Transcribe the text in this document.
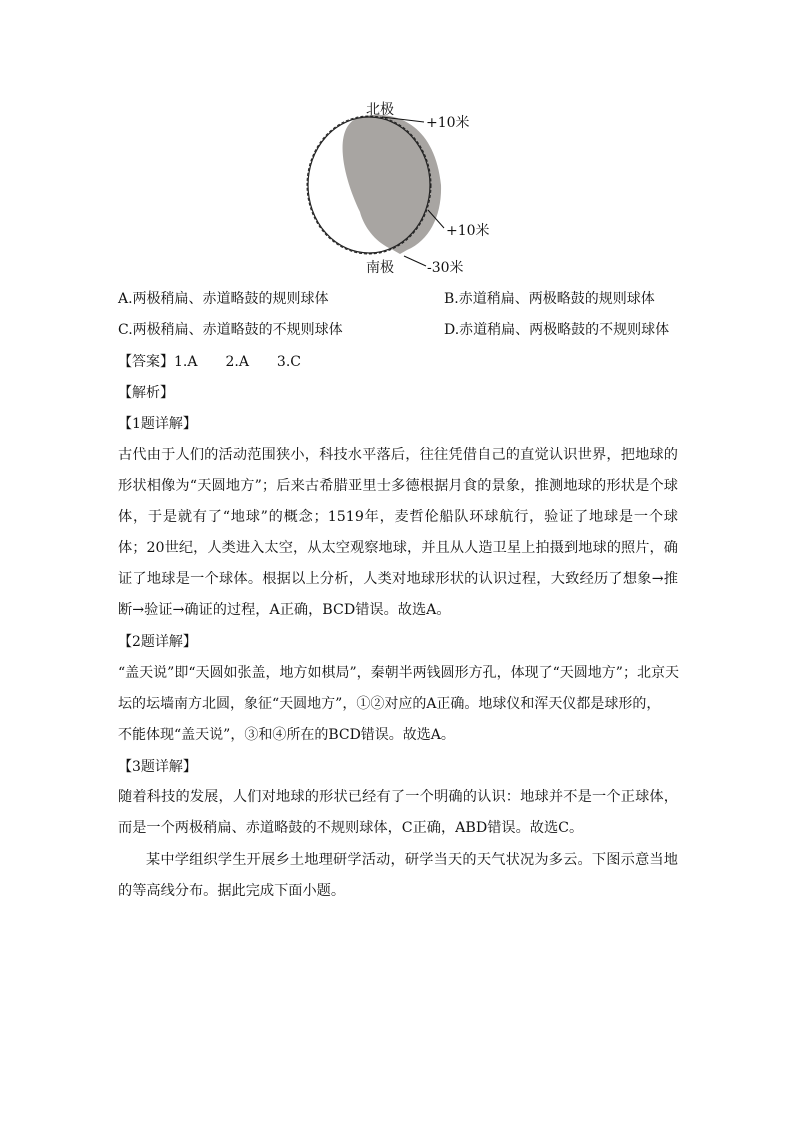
北极
+10米
+10米
南极 -30米
A.两极稍扁、赤道略鼓的规则球体	B.赤道稍扁、两极略鼓的规则球体
C.两极稍扁、赤道略鼓的不规则球体	D.赤道稍扁、两极略鼓的不规则球体
【答案】1.A　　2.A　　3.C
【解析】
【1题详解】
古代由于人们的活动范围狭小，科技水平落后，往往凭借自己的直觉认识世界，把地球的形状相像为“天圆地方”；后来古希腊亚里士多德根据月食的景象，推测地球的形状是个球体，于是就有了“地球”的概念；1519年，麦哲伦船队环球航行，验证了地球是一个球体；20世纪，人类进入太空，从太空观察地球，并且从人造卫星上拍摄到地球的照片，确证了地球是一个球体。根据以上分析，人类对地球形状的认识过程，大致经历了想象→推断→验证→确证的过程，A正确，BCD错误。故选A。
【2题详解】
“盖天说”即“天圆如张盖，地方如棋局”，秦朝半两钱圆形方孔，体现了“天圆地方”；北京天
坛的坛墙南方北圆，象征“天圆地方”，①②对应的A正确。地球仪和浑天仪都是球形的，
不能体现“盖天说”，③和④所在的BCD错误。故选A。
【3题详解】
随着科技的发展，人们对地球的形状已经有了一个明确的认识：地球并不是一个正球体，而是一个两极稍扁、赤道略鼓的不规则球体，C正确，ABD错误。故选C。
某中学组织学生开展乡土地理研学活动，研学当天的天气状况为多云。下图示意当地的等高线分布。据此完成下面小题。
